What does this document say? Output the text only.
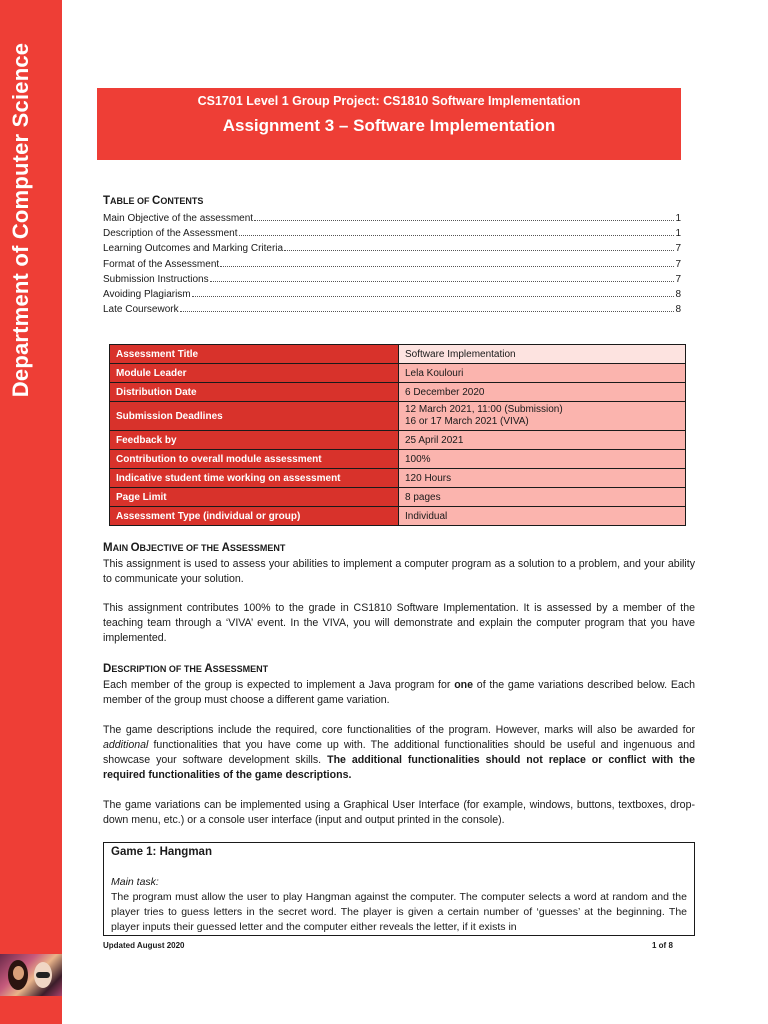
Department of Computer Science	CS1701 Level 1 Group Project: CS1810 Software Implementation
Assignment 3 – Software Implementation
TABLE OF CONTENTS
Main Objective of the assessment	1
Description of the Assessment	1
Learning Outcomes and Marking Criteria	7
Format of the Assessment	7
Submission Instructions	7
Avoiding Plagiarism	8
Late Coursework	8
Assessment Title	Software Implementation
Module Leader	Lela Koulouri
Distribution Date	6 December 2020
Submission Deadlines	12 March 2021, 11:00 (Submission)
16 or 17 March 2021 (VIVA)

Feedback by	25 April 2021
Contribution to overall module assessment	100%
Indicative student time working on assessment	120 Hours
Page Limit	8 pages
Assessment Type (individual or group)	Individual
MAIN OBJECTIVE OF THE ASSESSMENT
This assignment is used to assess your abilities to implement a computer program as a solution to a problem, and your ability to communicate your solution.
This assignment contributes 100% to the grade in CS1810 Software Implementation. It is assessed by a member of the teaching team through a ‘VIVA’ event. In the VIVA, you will demonstrate and explain the computer program that you have implemented.
DESCRIPTION OF THE ASSESSMENT
Each member of the group is expected to implement a Java program for one of the game variations described below. Each member of the group must choose a different game variation.
The game descriptions include the required, core functionalities of the program. However, marks will also be awarded for additional functionalities that you have come up with. The additional functionalities should be useful and ingenuous and showcase your software development skills. The additional functionalities should not replace or conflict with the required functionalities of the game descriptions.
The game variations can be implemented using a Graphical User Interface (for example, windows, buttons, textboxes, drop-down menu, etc.) or a console user interface (input and output printed in the console).
Game 1: Hangman
Main task:
The program must allow the user to play Hangman against the computer. The computer selects a word at random and the player tries to guess letters in the secret word. The player is given a certain number of ‘guesses’ at the beginning. The player inputs their guessed letter and the computer either reveals the letter, if it exists in
Updated August 2020	1 of 8
